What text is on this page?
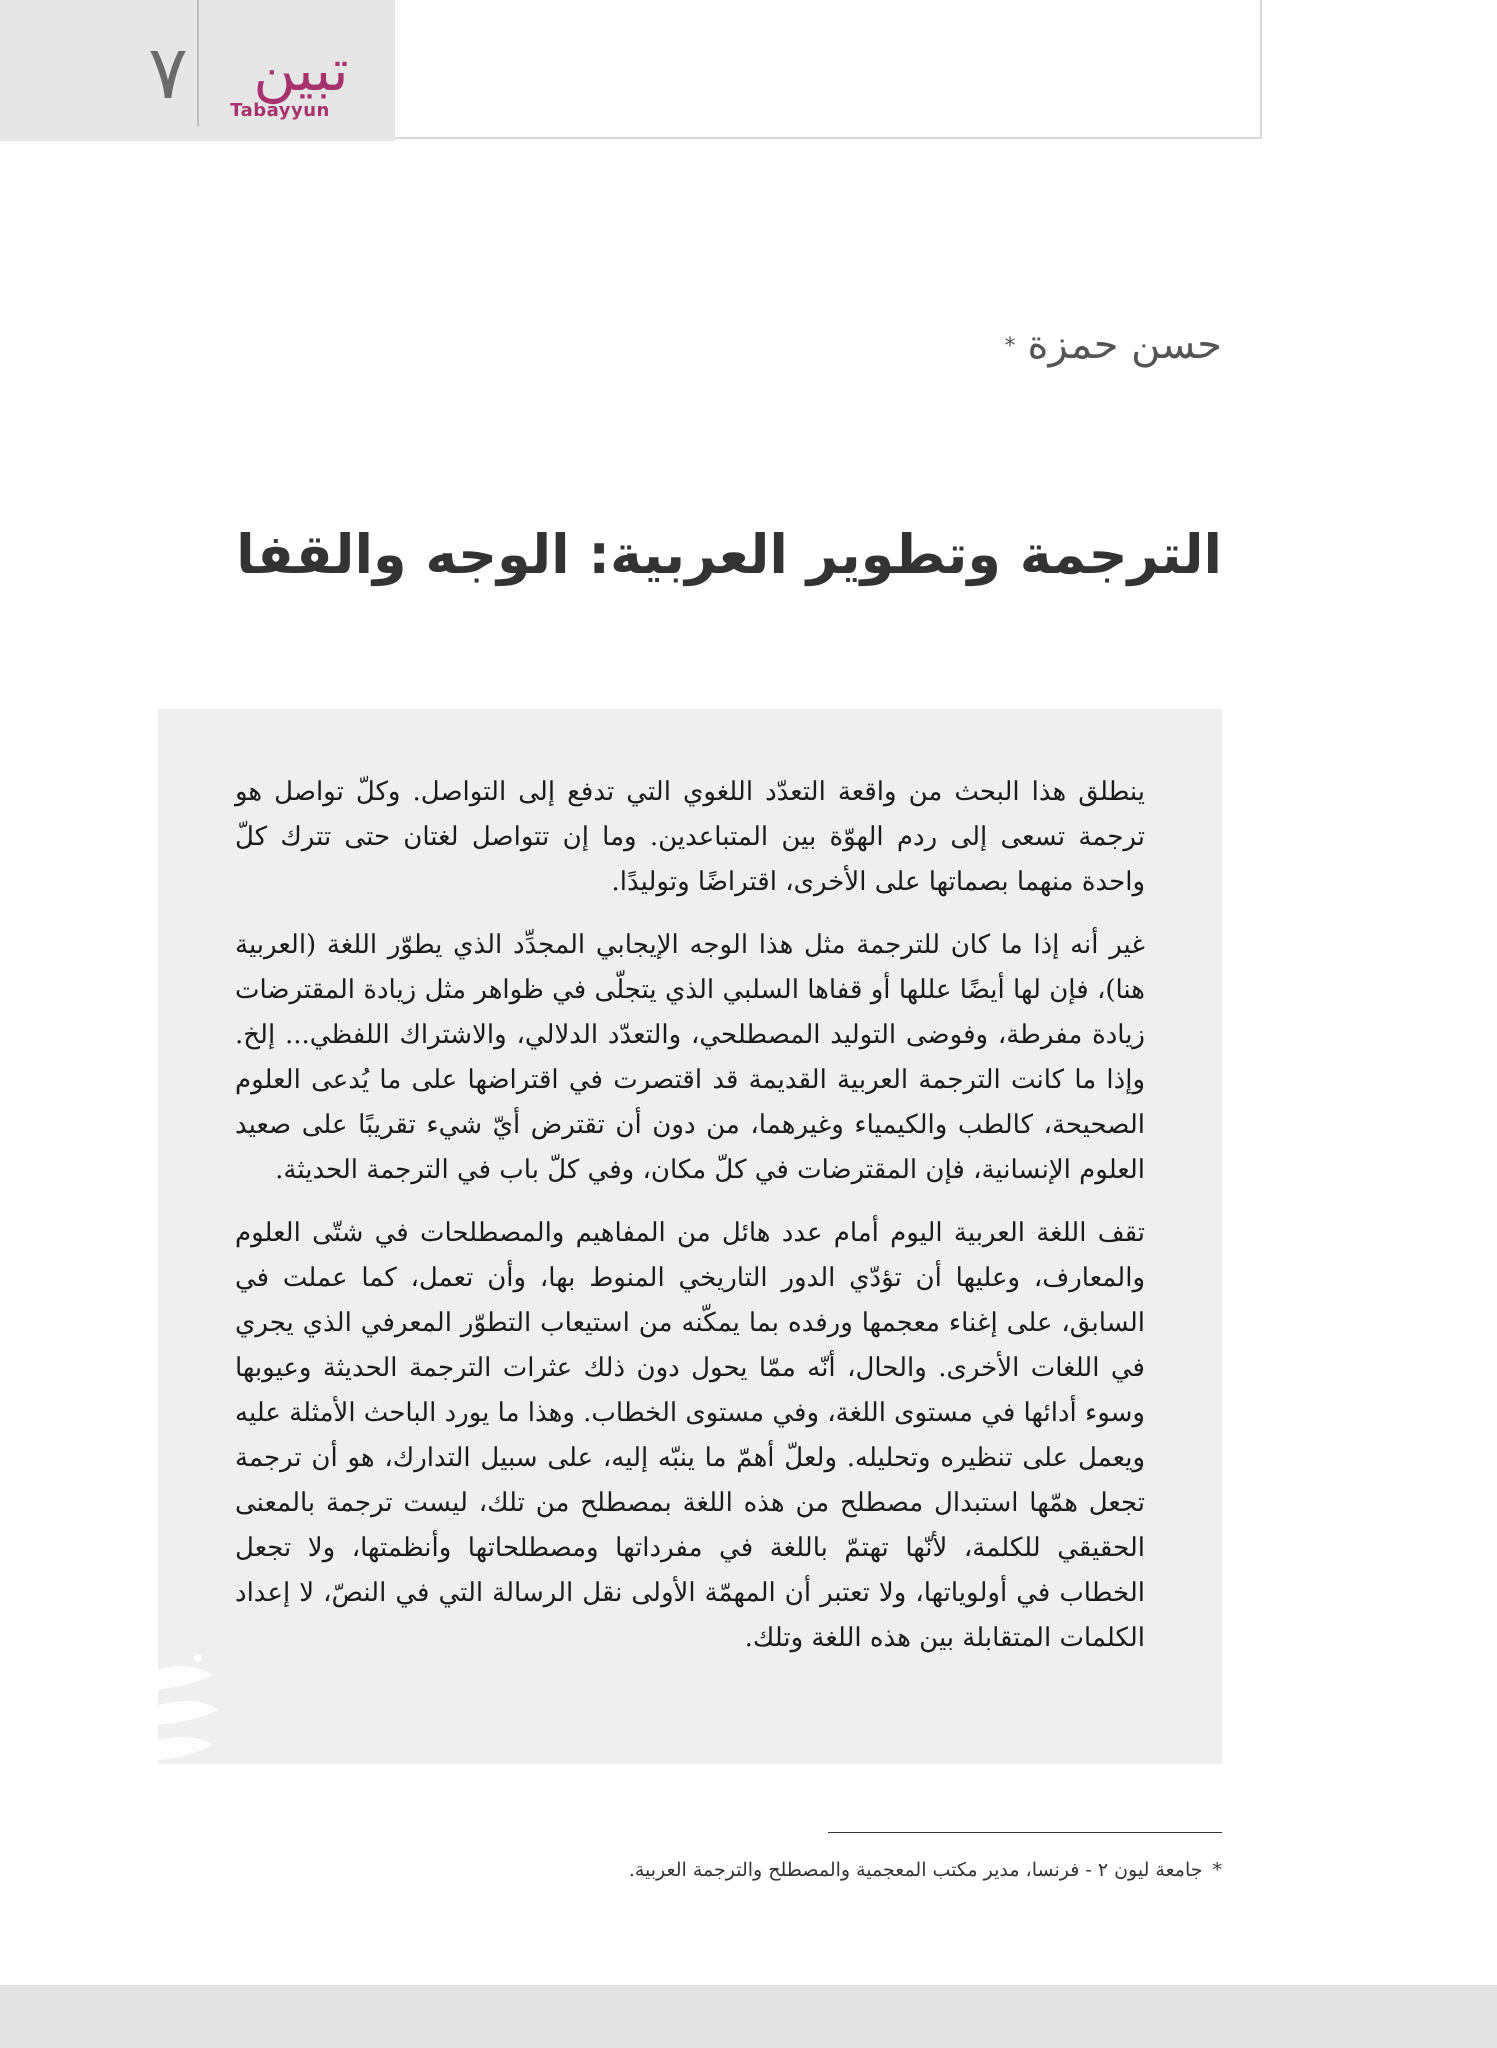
٧	تبين
Tabayyun
حسن حمزة*
الترجمة وتطوير العربية: الوجه والقفا

ينطلق هذا البحث من واقعة التعدّد اللغوي التي تدفع إلى التواصل. وكلّ تواصل هو ترجمة تسعى إلى ردم الهوّة بين المتباعدين. وما إن تتواصل لغتان حتى تترك كلّ واحدة منهما بصماتها على الأخرى، اقتراضًا وتوليدًا.

غير أنه إذا ما كان للترجمة مثل هذا الوجه الإيجابي المجدِّد الذي يطوّر اللغة (العربية هنا)، فإن لها أيضًا عللها أو قفاها السلبي الذي يتجلّى في ظواهر مثل زيادة المقترضات زيادة مفرطة، وفوضى التوليد المصطلحي، والتعدّد الدلالي، والاشتراك اللفظي... إلخ. وإذا ما كانت الترجمة العربية القديمة قد اقتصرت في اقتراضها على ما يُدعى العلوم الصحيحة، كالطب والكيمياء وغيرهما، من دون أن تقترض أيّ شيء تقريبًا على صعيد العلوم الإنسانية، فإن المقترضات في كلّ مكان، وفي كلّ باب في الترجمة الحديثة.

تقف اللغة العربية اليوم أمام عدد هائل من المفاهيم والمصطلحات في شتّى العلوم والمعارف، وعليها أن تؤدّي الدور التاريخي المنوط بها، وأن تعمل، كما عملت في السابق، على إغناء معجمها ورفده بما يمكّنه من استيعاب التطوّر المعرفي الذي يجري في اللغات الأخرى. والحال، أنّه ممّا يحول دون ذلك عثرات الترجمة الحديثة وعيوبها وسوء أدائها في مستوى اللغة، وفي مستوى الخطاب. وهذا ما يورد الباحث الأمثلة عليه ويعمل على تنظيره وتحليله. ولعلّ أهمّ ما ينبّه إليه، على سبيل التدارك، هو أن ترجمة تجعل همّها استبدال مصطلح من هذه اللغة بمصطلح من تلك، ليست ترجمة بالمعنى الحقيقي للكلمة، لأنّها تهتمّ باللغة في مفرداتها ومصطلحاتها وأنظمتها، ولا تجعل الخطاب في أولوياتها، ولا تعتبر أن المهمّة الأولى نقل الرسالة التي في النصّ، لا إعداد الكلمات المتقابلة بين هذه اللغة وتلك.

*جامعة ليون ٢ - فرنسا، مدير مكتب المعجمية والمصطلح والترجمة العربية.
